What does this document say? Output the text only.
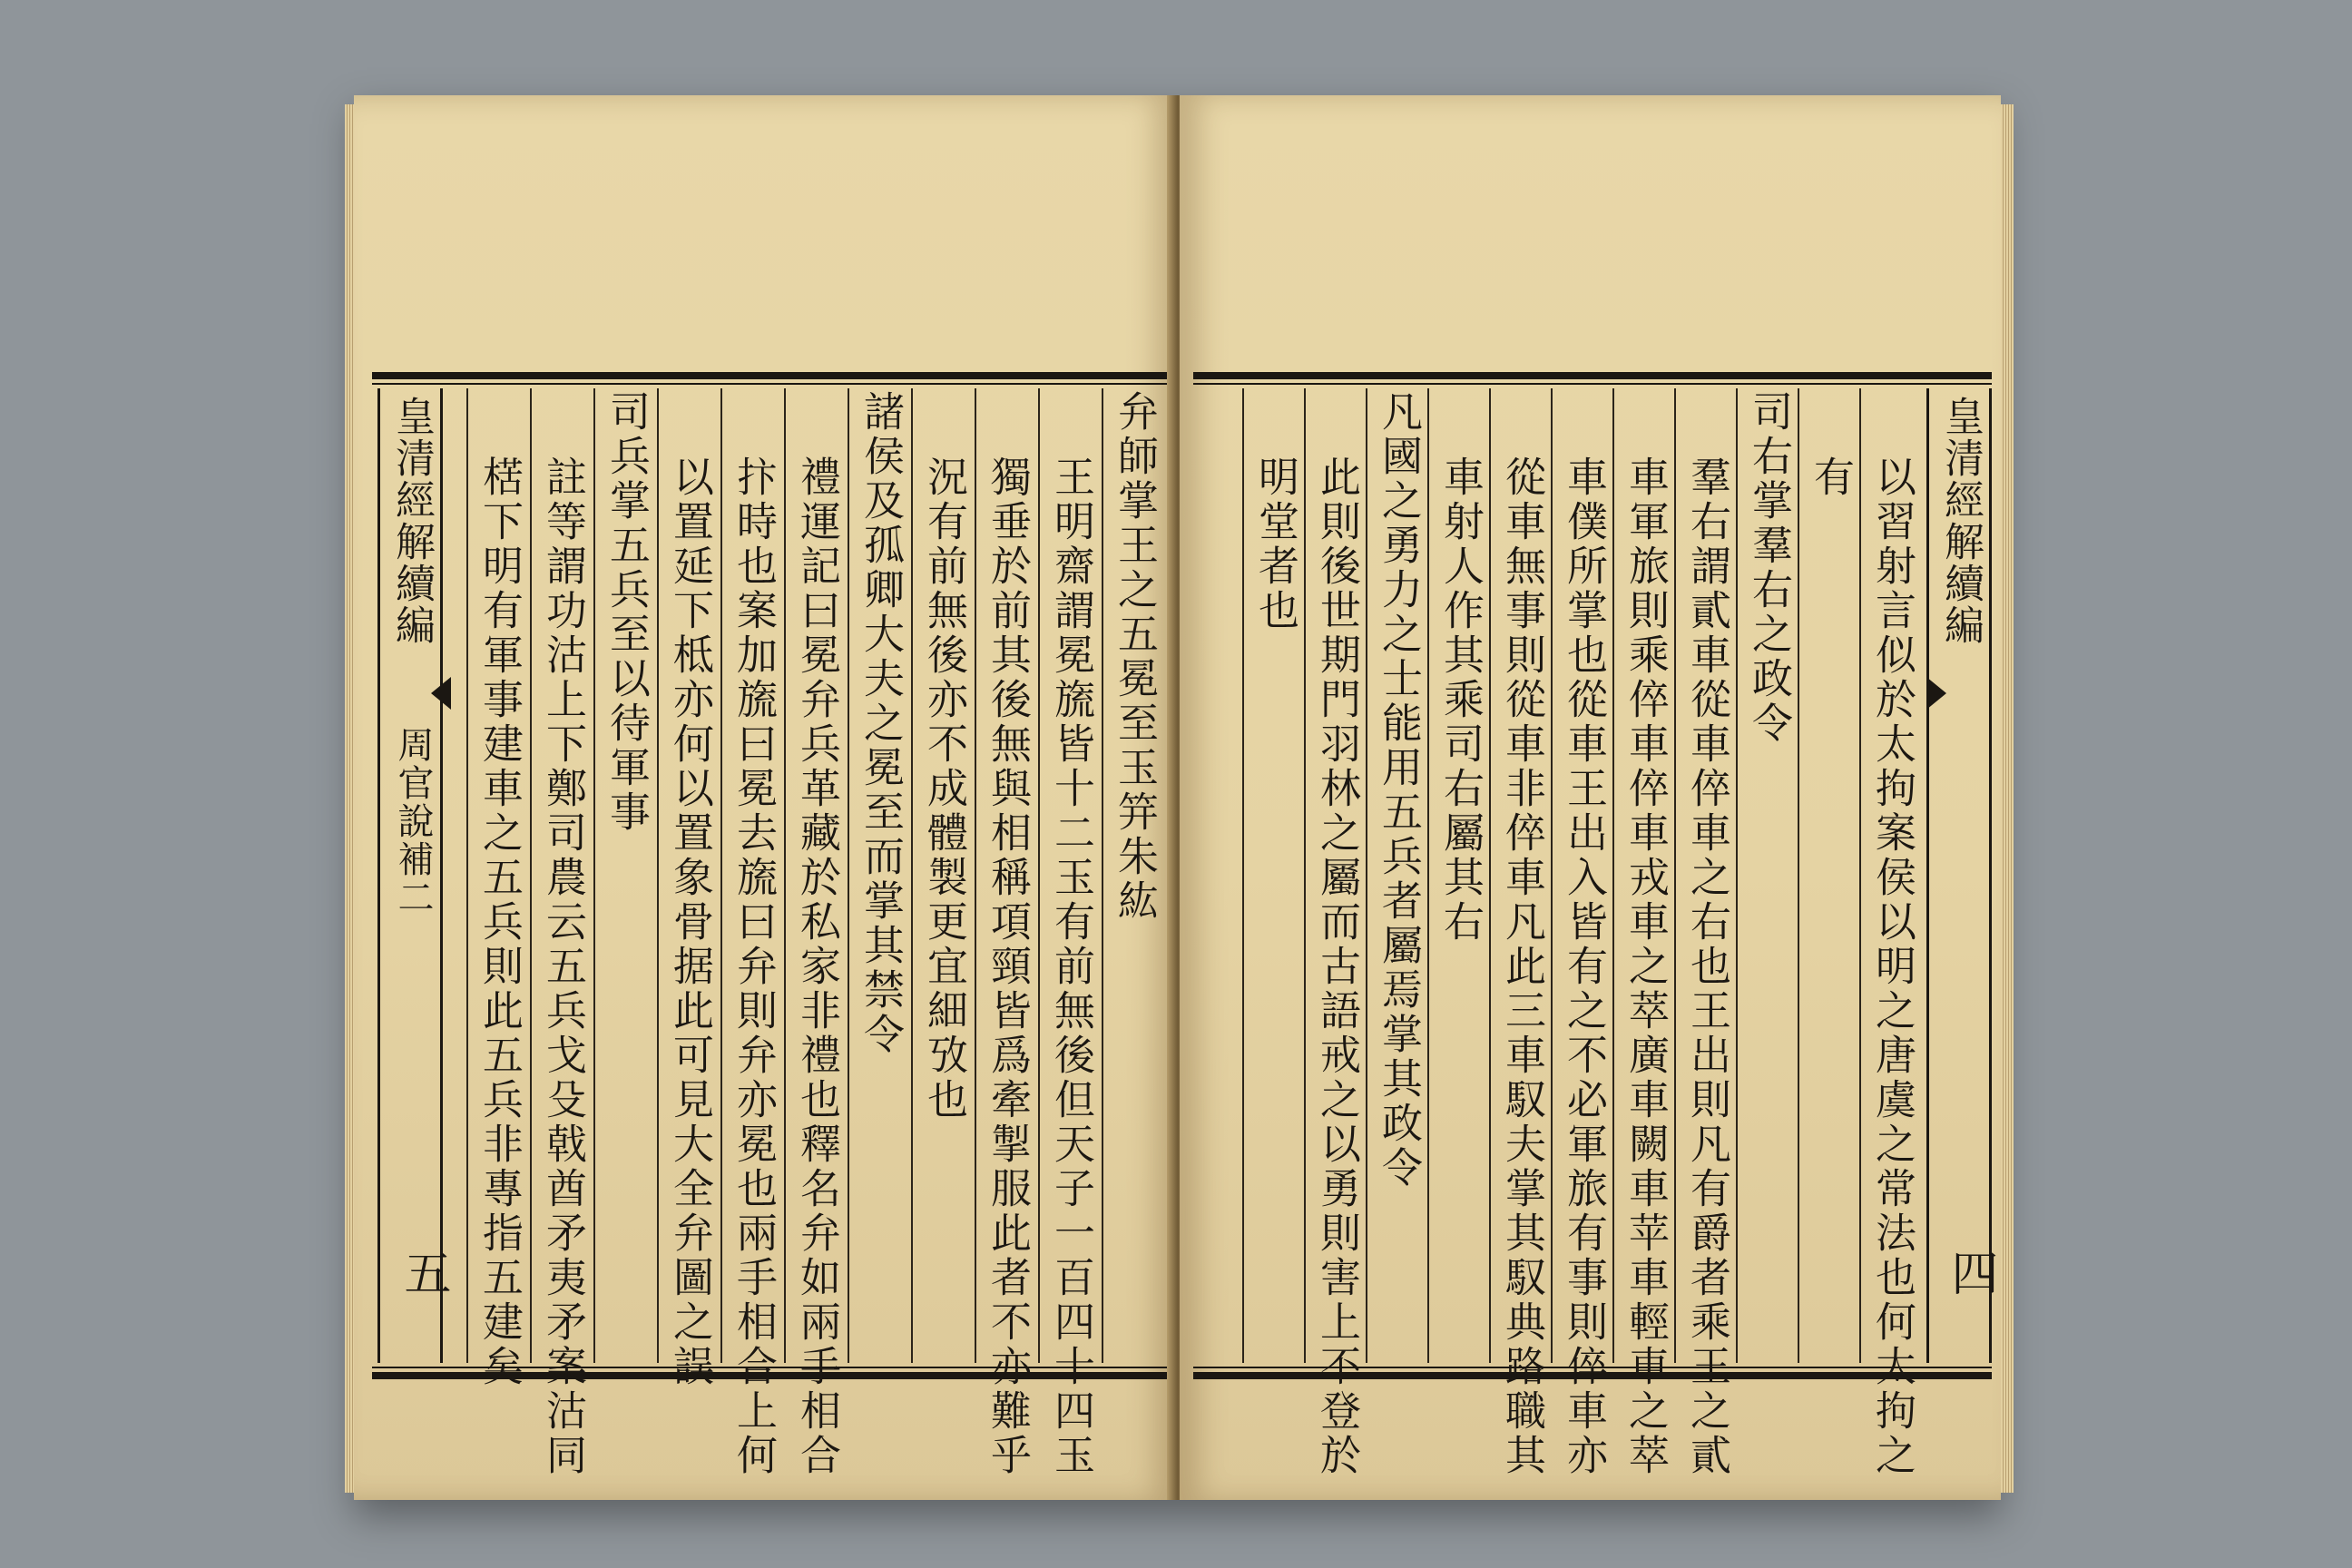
弁師掌王之五冕至玉笄朱紘
王明齋謂冕旒皆十二玉有前無後但天子一百四十四玉
獨垂於前其後無與相稱項頸皆爲牽掣服此者不亦難乎
況有前無後亦不成體製更宜細攷也
諸侯及孤卿大夫之冕至而掌其禁令
禮運記曰冕弁兵革藏於私家非禮也釋名弁如兩手相合
抃時也案加旒曰冕去旒曰弁則弁亦冕也兩手相合上何
以置延下柢亦何以置象骨据此可見大全弁圖之誤
司兵掌五兵至以待軍事
註等謂功沽上下鄭司農云五兵戈殳戟酋矛夷矛案沽同
楛下明有軍事建車之五兵則此五兵非專指五建矣
皇清經解續編
周官說補二
五	以習射言似於太拘案侯以明之唐虞之常法也何太拘之
有
司右掌羣右之政令
羣右謂貳車從車倅車之右也王出則凡有爵者乘王之貳
車軍旅則乘倅車倅車戎車之萃廣車闕車苹車輕車之萃
車僕所掌也從車王出入皆有之不必軍旅有事則倅車亦
從車無事則從車非倅車凡此三車馭夫掌其馭典路職其
車射人作其乘司右屬其右
凡國之勇力之士能用五兵者屬焉掌其政令
此則後世期門羽林之屬而古語戒之以勇則害上不登於
明堂者也	皇清經解續編
四
